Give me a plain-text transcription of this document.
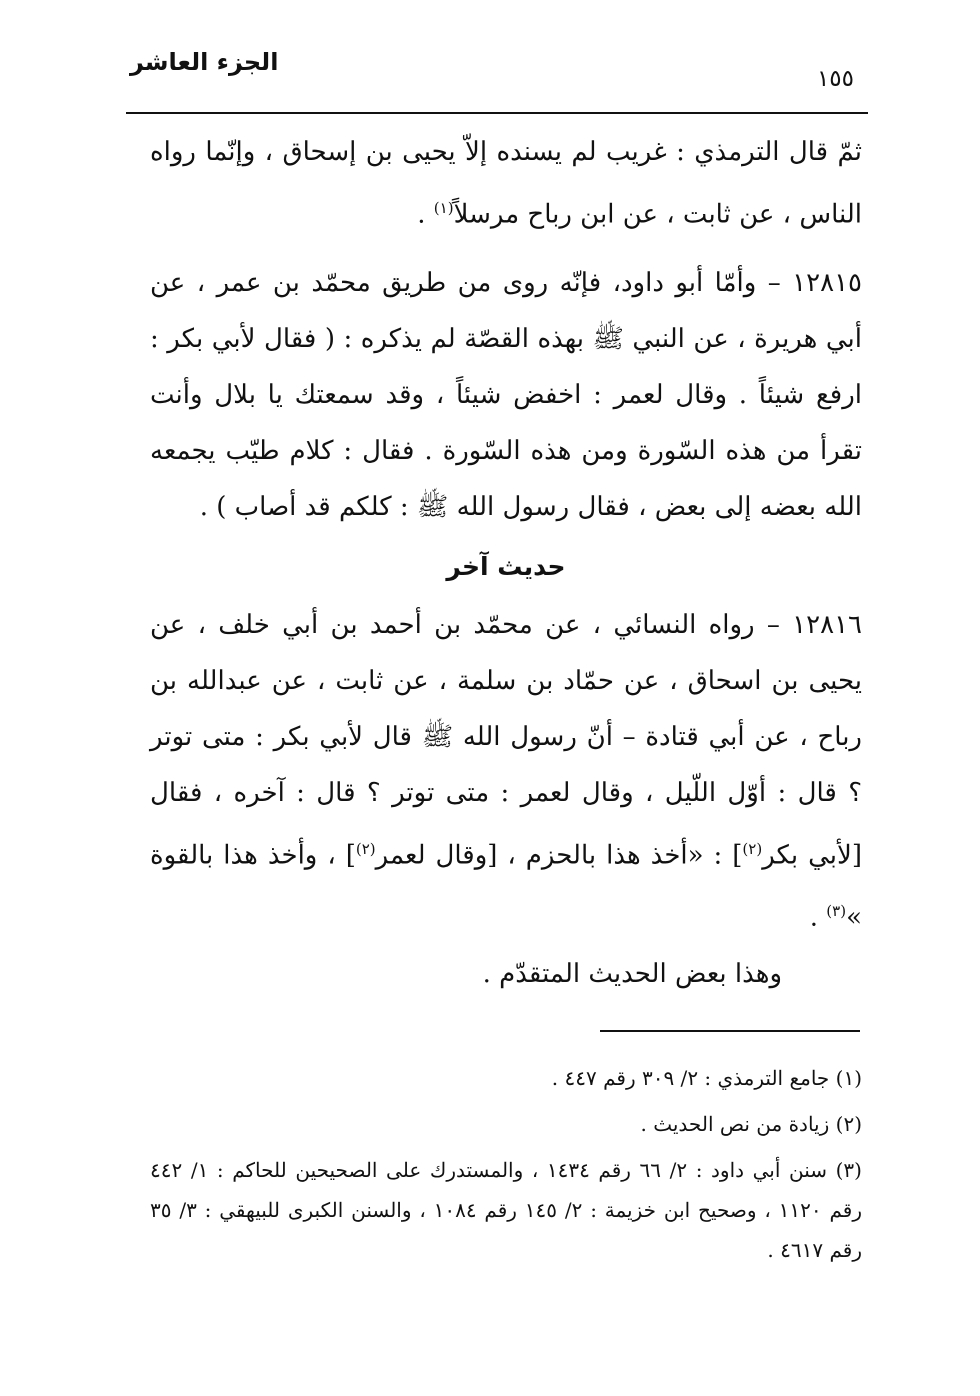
الجزء العاشر
١٥٥

ثمّ قال الترمذي : غريب لم يسنده إلاّ يحيى بن إسحاق ، وإنّما رواه الناس ، عن ثابت ، عن ابن رباح مرسلاً$^{(١)}$ .

١٢٨١٥ – وأمّا أبو داود، فإنّه روى من طريق محمّد بن عمر ، عن أبي هريرة ، عن النبي ﷺ بهذه القصّة لم يذكره : ( فقال لأبي بكر : ارفع شيئاً . وقال لعمر : اخفض شيئاً ، وقد سمعتك يا بلال وأنت تقرأ من هذه السّورة ومن هذه السّورة . فقال : كلام طيّب يجمعه الله بعضه إلى بعض ، فقال رسول الله ﷺ : كلكم قد أصاب ) .

حديث آخر

١٢٨١٦ – رواه النسائي ، عن محمّد بن أحمد بن أبي خلف ، عن يحيى بن اسحاق ، عن حمّاد بن سلمة ، عن ثابت ، عن عبدالله بن رباح ، عن أبي قتادة – أنّ رسول الله ﷺ قال لأبي بكر : متى توتر ؟ قال : أوّل اللّيل ، وقال لعمر : متى توتر ؟ قال : آخره ، فقال [لأبي بكر$^{(٢)}$] : «أخذ هذا بالحزم ، [وقال لعمر$^{(٢)}$] ، وأخذ هذا بالقوة »$^{(٣)}$ .

وهذا بعض الحديث المتقدّم .

(١) جامع الترمذي : ٢/ ٣٠٩ رقم ٤٤٧ .

(٢) زيادة من نص الحديث .

(٣) سنن أبي داود : ٢/ ٦٦ رقم ١٤٣٤ ، والمستدرك على الصحيحين للحاكم : ١/ ٤٤٢ رقم ١١٢٠ ، وصحيح ابن خزيمة : ٢/ ١٤٥ رقم ١٠٨٤ ، والسنن الكبرى للبيهقي : ٣/ ٣٥ رقم ٤٦١٧ .
